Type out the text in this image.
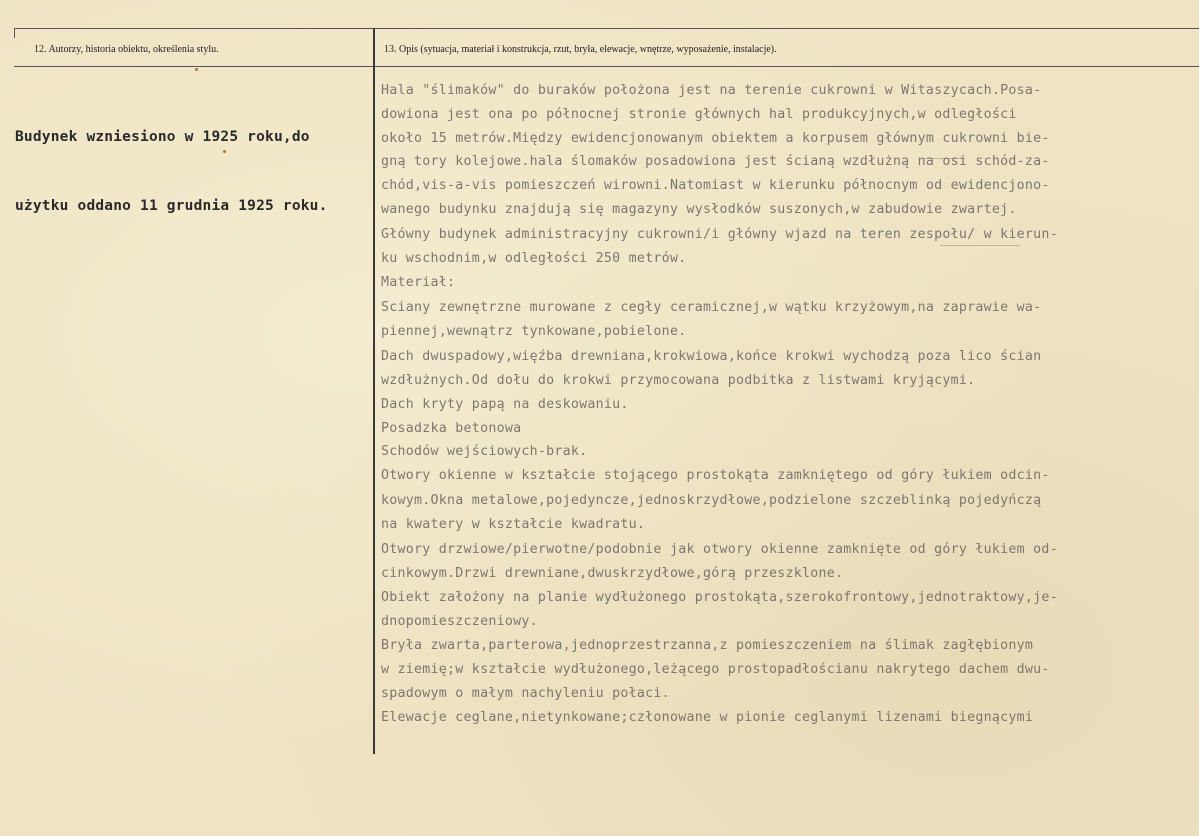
12. Autorzy, historia obiektu, określenia stylu.	13. Opis (sytuacja, materiał i konstrukcja, rzut, bryła, elewacje, wnętrze, wyposażenie, instalacje).

Budynek wzniesiono w 1925 roku,do

użytku oddano 11 grudnia 1925 roku.

Hala "ślimaków" do buraków położona jest na terenie cukrowni w Witaszycach.Posa-

dowiona jest ona po północnej stronie głównych hal produkcyjnych,w odległości

około 15 metrów.Między ewidencjonowanym obiektem a korpusem głównym cukrowni bie-

gną tory kolejowe.hala ślomaków posadowiona jest ścianą wzdłużną na osi schód-za-

chód,vis-a-vis pomieszczeń wirowni.Natomiast w kierunku północnym od ewidencjono-

wanego budynku znajdują się magazyny wysłodków suszonych,w zabudowie zwartej.

Główny budynek administracyjny cukrowni/i główny wjazd na teren zespołu/ w kierun-

ku wschodnim,w odległości 250 metrów.

Materiał:

Sciany zewnętrzne murowane z cegły ceramicznej,w wątku krzyżowym,na zaprawie wa-

piennej,wewnątrz tynkowane,pobielone.

Dach dwuspadowy,więźba drewniana,krokwiowa,końce krokwi wychodzą poza lico ścian

wzdłużnych.Od dołu do krokwi przymocowana podbitka z listwami kryjącymi.

Dach kryty papą na deskowaniu.

Posadzka betonowa

Schodów wejściowych-brak.

Otwory okienne w kształcie stojącego prostokąta zamkniętego od góry łukiem odcin-

kowym.Okna metalowe,pojedyncze,jednoskrzydłowe,podzielone szczeblinką pojedyńczą

na kwatery w kształcie kwadratu.

Otwory drzwiowe/pierwotne/podobnie jak otwory okienne zamknięte od góry łukiem od-

cinkowym.Drzwi drewniane,dwuskrzydłowe,górą przeszklone.

Obiekt założony na planie wydłużonego prostokąta,szerokofrontowy,jednotraktowy,je-

dnopomieszczeniowy.

Bryła zwarta,parterowa,jednoprzestrzanna,z pomieszczeniem na ślimak zagłębionym

w ziemię;w kształcie wydłużonego,leżącego prostopadłościanu nakrytego dachem dwu-

spadowym o małym nachyleniu połaci.

Elewacje ceglane,nietynkowane;członowane w pionie ceglanymi lizenami biegnącymi
